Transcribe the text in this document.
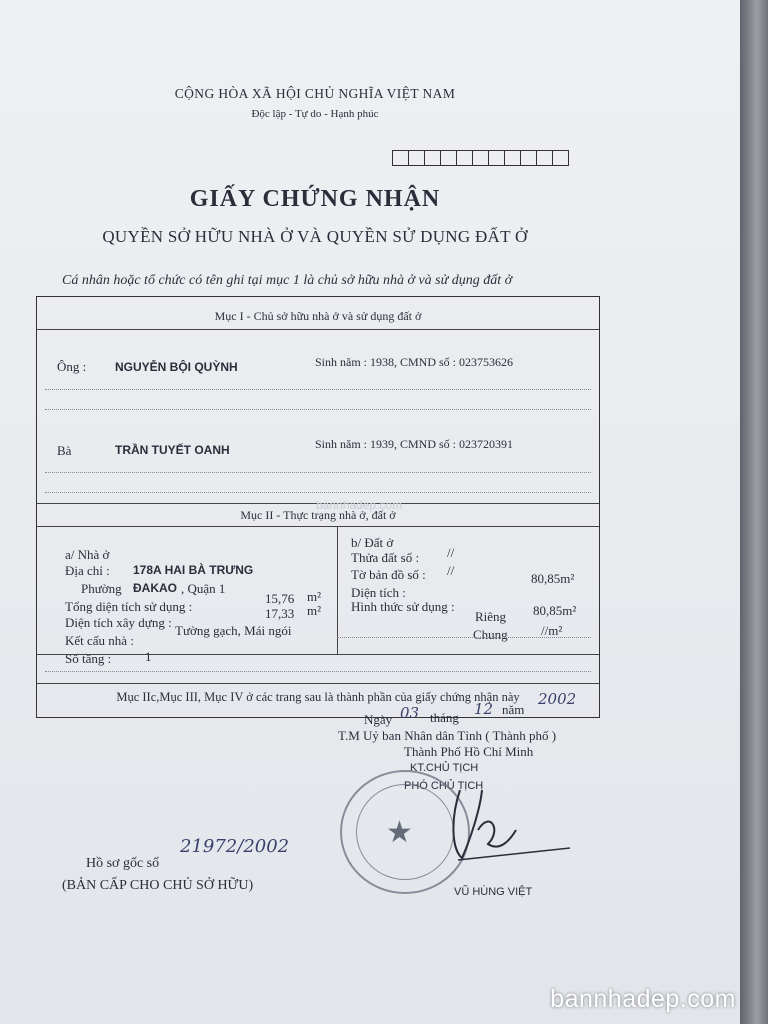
CỘNG HÒA XÃ HỘI CHỦ NGHĨA VIỆT NAM
Độc lập - Tự do - Hạnh phúc
GIẤY CHỨNG NHẬN
QUYỀN SỞ HỮU NHÀ Ở VÀ QUYỀN SỬ DỤNG ĐẤT Ở
Cá nhân hoặc tổ chức có tên ghi tại mục 1 là chủ sở hữu nhà ở và sử dụng đất ở
Mục I - Chủ sở hữu nhà ở và sử dụng đất ở
Ông : NGUYỄN BỘI QUỲNH	Sinh năm : 1938, CMND số : 023753626
Bà	TRẦN TUYẾT OANH	Sinh năm : 1939, CMND số : 023720391
Mục II - Thực trạng nhà ở, đất ở
a/ Nhà ở
Địa chỉ : 178A HAI BÀ TRƯNG
Phường ĐAKAO , Quận 1
Tổng diện tích sử dụng :
15,76 m²
Diện tích xây dựng :
17,33 m²
Kết cấu nhà :
Tường gạch, Mái ngói
Số tầng :	1
b/ Đất ở
Thửa đất số : //
Tờ bản đồ số : //
Diện tích :
80,85m²
Hình thức sử dụng :
Riêng 80,85m²
Chung	//m²
Mục IIc,Mục III, Mục IV ở các trang sau là thành phần của giấy chứng nhận này
Ngày 03 tháng 12 năm
2002
T.M Uỷ ban Nhân dân Tỉnh ( Thành phố )
Thành Phố Hồ Chí Minh
KT.CHỦ TỊCH
PHÓ CHỦ TỊCH
★
VŨ HÙNG VIỆT
Hồ sơ gốc số
21972/2002
(BẢN CẤP CHO CHỦ SỞ HỮU)
bannhadep.com
bannhadep.com
